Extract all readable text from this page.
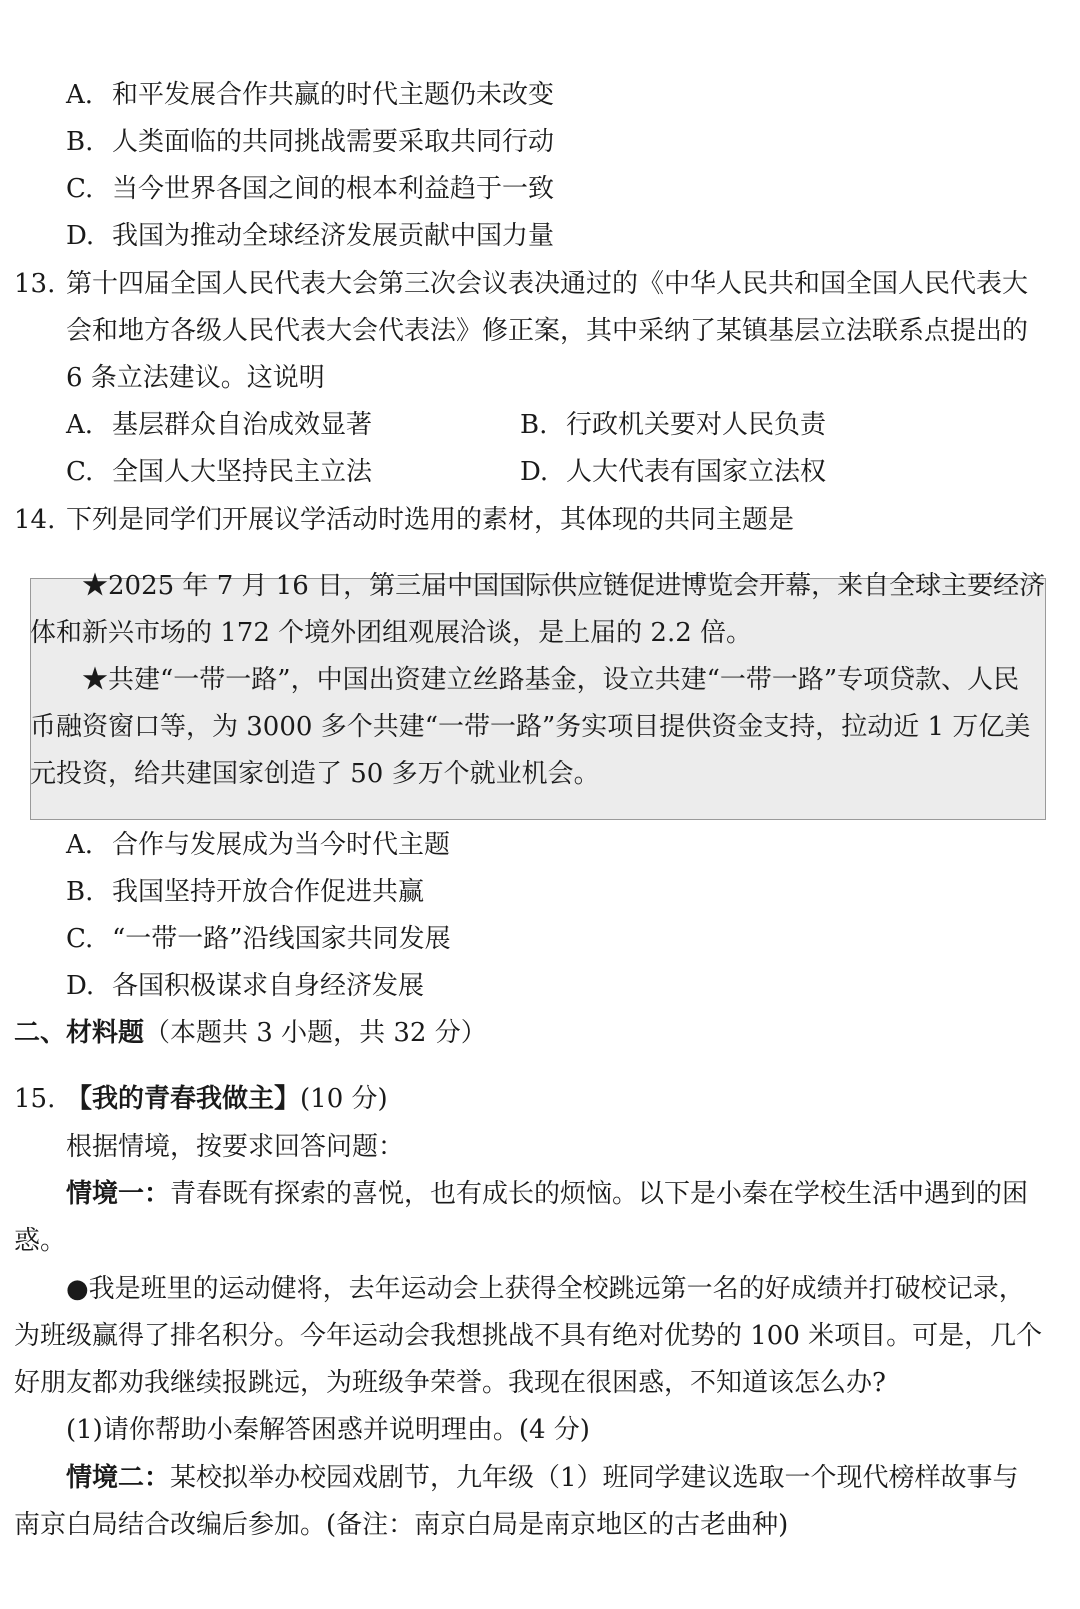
A. 和平发展合作共赢的时代主题仍未改变
B. 人类面临的共同挑战需要采取共同行动
C. 当今世界各国之间的根本利益趋于一致
D. 我国为推动全球经济发展贡献中国力量
13. 第十四届全国人民代表大会第三次会议表决通过的《中华人民共和国全国人民代表大
会和地方各级人民代表大会代表法》修正案，其中采纳了某镇基层立法联系点提出的
6 条立法建议。这说明
A. 基层群众自治成效显著	B. 行政机关要对人民负责
C. 全国人大坚持民主立法	D. 人大代表有国家立法权
14. 下列是同学们开展议学活动时选用的素材，其体现的共同主题是
★2025 年 7 月 16 日，第三届中国国际供应链促进博览会开幕，来自全球主要经济
体和新兴市场的 172 个境外团组观展洽谈，是上届的 2.2 倍。
★共建“一带一路”，中国出资建立丝路基金，设立共建“一带一路”专项贷款、人民
币融资窗口等，为 3000 多个共建“一带一路”务实项目提供资金支持，拉动近 1 万亿美
元投资，给共建国家创造了 50 多万个就业机会。
A. 合作与发展成为当今时代主题
B. 我国坚持开放合作促进共赢
C. “一带一路”沿线国家共同发展
D. 各国积极谋求自身经济发展
二、材料题（本题共 3 小题，共 32 分）
15. 【我的青春我做主】(10 分)
根据情境，按要求回答问题：
情境一：青春既有探索的喜悦，也有成长的烦恼。以下是小秦在学校生活中遇到的困
惑。
●我是班里的运动健将，去年运动会上获得全校跳远第一名的好成绩并打破校记录，
为班级赢得了排名积分。今年运动会我想挑战不具有绝对优势的 100 米项目。可是，几个
好朋友都劝我继续报跳远，为班级争荣誉。我现在很困惑，不知道该怎么办?
(1)请你帮助小秦解答困惑并说明理由。(4 分)
情境二：某校拟举办校园戏剧节，九年级（1）班同学建议选取一个现代榜样故事与
南京白局结合改编后参加。(备注：南京白局是南京地区的古老曲种)
